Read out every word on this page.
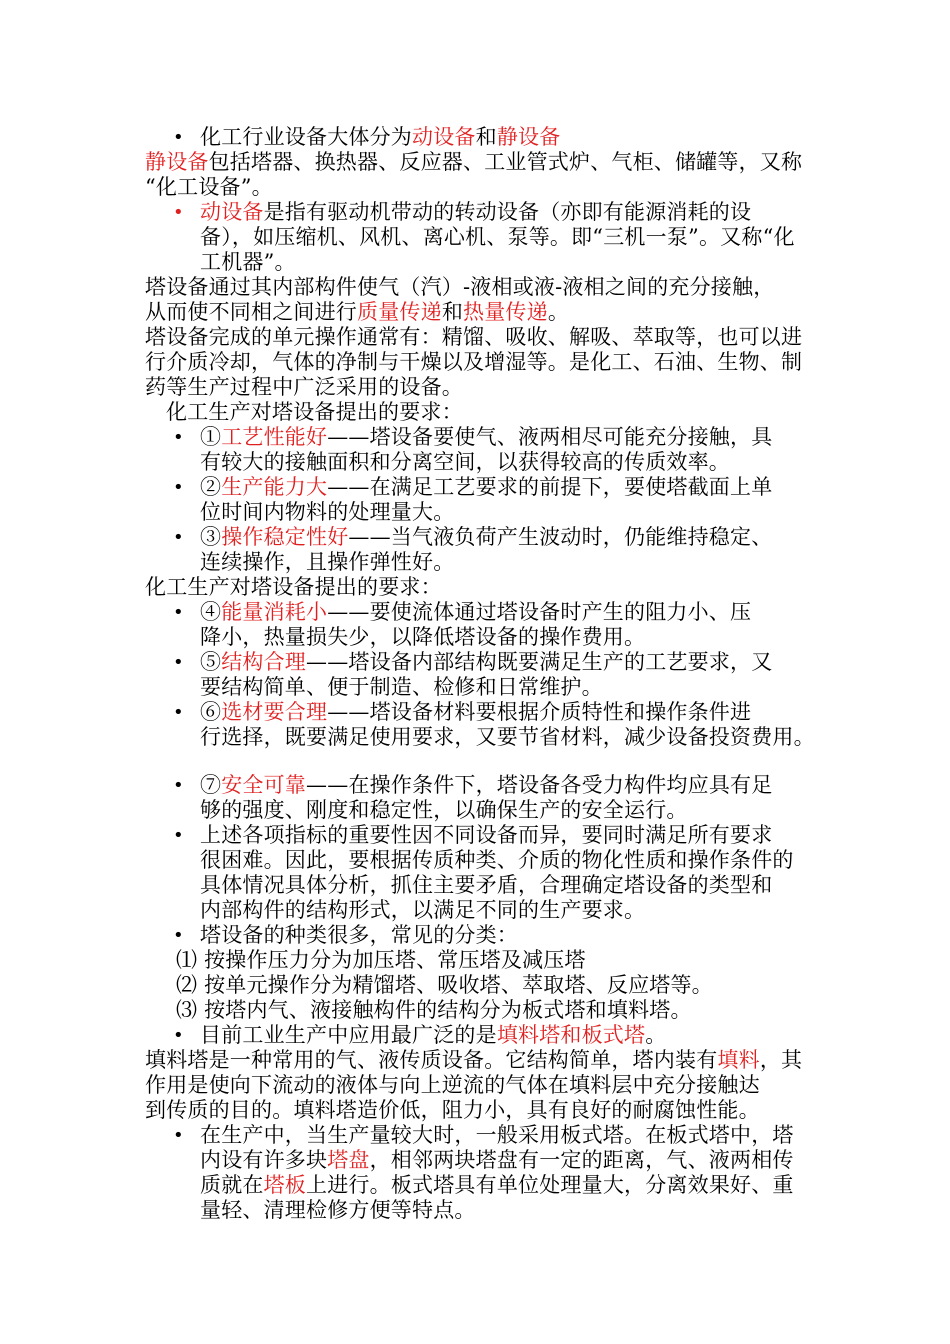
• 化工行业设备大体分为动设备和静设备
静设备包括塔器、换热器、反应器、工业管式炉、气柜、储罐等，又称
“化工设备”。
• 动设备是指有驱动机带动的转动设备（亦即有能源消耗的设
备），如压缩机、风机、离心机、泵等。即“三机一泵”。又称“化
工机器”。
塔设备通过其内部构件使气（汽）-液相或液-液相之间的充分接触，
从而使不同相之间进行质量传递和热量传递。
塔设备完成的单元操作通常有：精馏、吸收、解吸、萃取等，也可以进
行介质冷却，气体的净制与干燥以及增湿等。是化工、石油、生物、制
药等生产过程中广泛采用的设备。
化工生产对塔设备提出的要求：
• ①工艺性能好——塔设备要使气、液两相尽可能充分接触，具
有较大的接触面积和分离空间，以获得较高的传质效率。
• ②生产能力大——在满足工艺要求的前提下，要使塔截面上单
位时间内物料的处理量大。
• ③操作稳定性好——当气液负荷产生波动时，仍能维持稳定、
连续操作，且操作弹性好。
化工生产对塔设备提出的要求：
• ④能量消耗小——要使流体通过塔设备时产生的阻力小、压
降小，热量损失少，以降低塔设备的操作费用。
• ⑤结构合理——塔设备内部结构既要满足生产的工艺要求，又
要结构简单、便于制造、检修和日常维护。
• ⑥选材要合理——塔设备材料要根据介质特性和操作条件进
行选择，既要满足使用要求，又要节省材料，减少设备投资费用。
• ⑦安全可靠——在操作条件下，塔设备各受力构件均应具有足
够的强度、刚度和稳定性，以确保生产的安全运行。
• 上述各项指标的重要性因不同设备而异，要同时满足所有要求
很困难。因此，要根据传质种类、介质的物化性质和操作条件的
具体情况具体分析，抓住主要矛盾，合理确定塔设备的类型和
内部构件的结构形式，以满足不同的生产要求。
• 塔设备的种类很多，常见的分类：
⑴ 按操作压力分为加压塔、常压塔及减压塔
⑵ 按单元操作分为精馏塔、吸收塔、萃取塔、反应塔等。
⑶ 按塔内气、液接触构件的结构分为板式塔和填料塔。
• 目前工业生产中应用最广泛的是填料塔和板式塔。
填料塔是一种常用的气、液传质设备。它结构简单，塔内装有填料，其
作用是使向下流动的液体与向上逆流的气体在填料层中充分接触达
到传质的目的。填料塔造价低，阻力小，具有良好的耐腐蚀性能。
• 在生产中，当生产量较大时，一般采用板式塔。在板式塔中，塔
内设有许多块塔盘，相邻两块塔盘有一定的距离，气、液两相传
质就在塔板上进行。板式塔具有单位处理量大，分离效果好、重
量轻、清理检修方便等特点。
